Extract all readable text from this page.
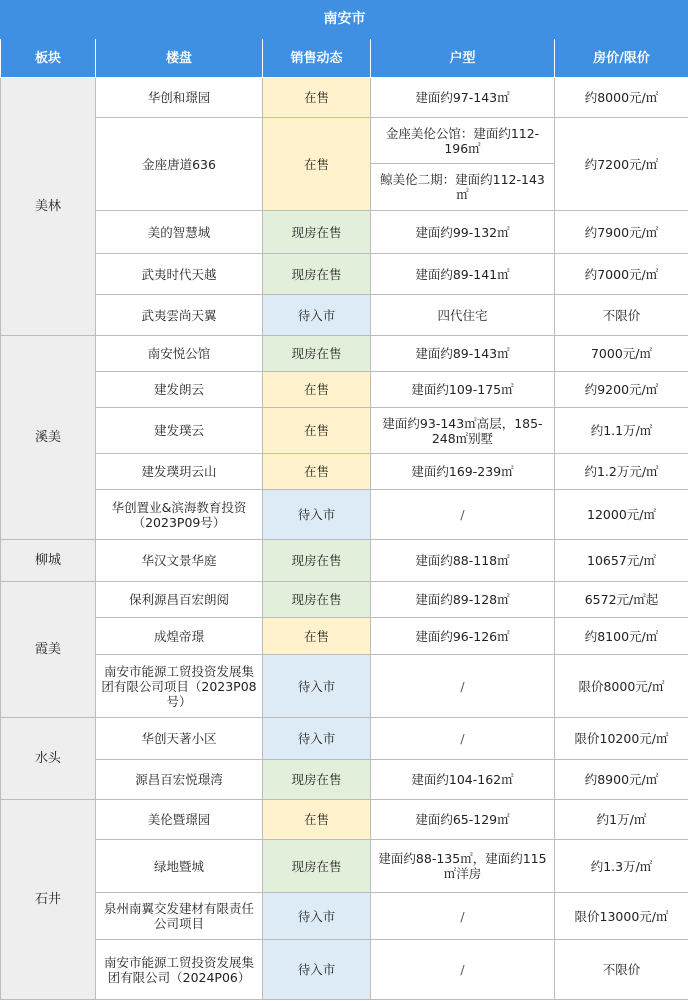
南安市				
板块	楼盘	销售动态	户型	房价/限价
美林	华创和璟园	在售	建面约97-143㎡	约8000元/㎡
	金座唐道636	在售	金座美伦公馆：建面约112-196㎡	约7200元/㎡
			鲸美伦二期：建面约112-143㎡	
	美的智慧城	现房在售	建面约99-132㎡	约7900元/㎡
	武夷时代天越	现房在售	建面约89-141㎡	约7000元/㎡
	武夷雲尚天翼	待入市	四代住宅	不限价
溪美	南安悦公馆	现房在售	建面约89-143㎡	7000元/㎡
	建发朗云	在售	建面约109-175㎡	约9200元/㎡
	建发璞云	在售	建面约93-143㎡高层，185-248㎡别墅	约1.1万/㎡
	建发璞玥云山	在售	建面约169-239㎡	约1.2万元/㎡
	华创置业&滨海教育投资（2023P09号）	待入市	/	12000元/㎡
柳城	华汉文景华庭	现房在售	建面约88-118㎡	10657元/㎡
霞美	保利源昌百宏朗阅	现房在售	建面约89-128㎡	6572元/㎡起
	成煌帝璟	在售	建面约96-126㎡	约8100元/㎡
	南安市能源工贸投资发展集团有限公司项目（2023P08号）	待入市	/	限价8000元/㎡
水头	华创天著小区	待入市	/	限价10200元/㎡
	源昌百宏悦璟湾	现房在售	建面约104-162㎡	约8900元/㎡
石井	美伦暨璟园	在售	建面约65-129㎡	约1万/㎡
	绿地暨城	现房在售	建面约88-135㎡，建面约115㎡洋房	约1.3万/㎡
	泉州南翼交发建材有限责任公司项目	待入市	/	限价13000元/㎡
	南安市能源工贸投资发展集团有限公司（2024P06）	待入市	/	不限价
